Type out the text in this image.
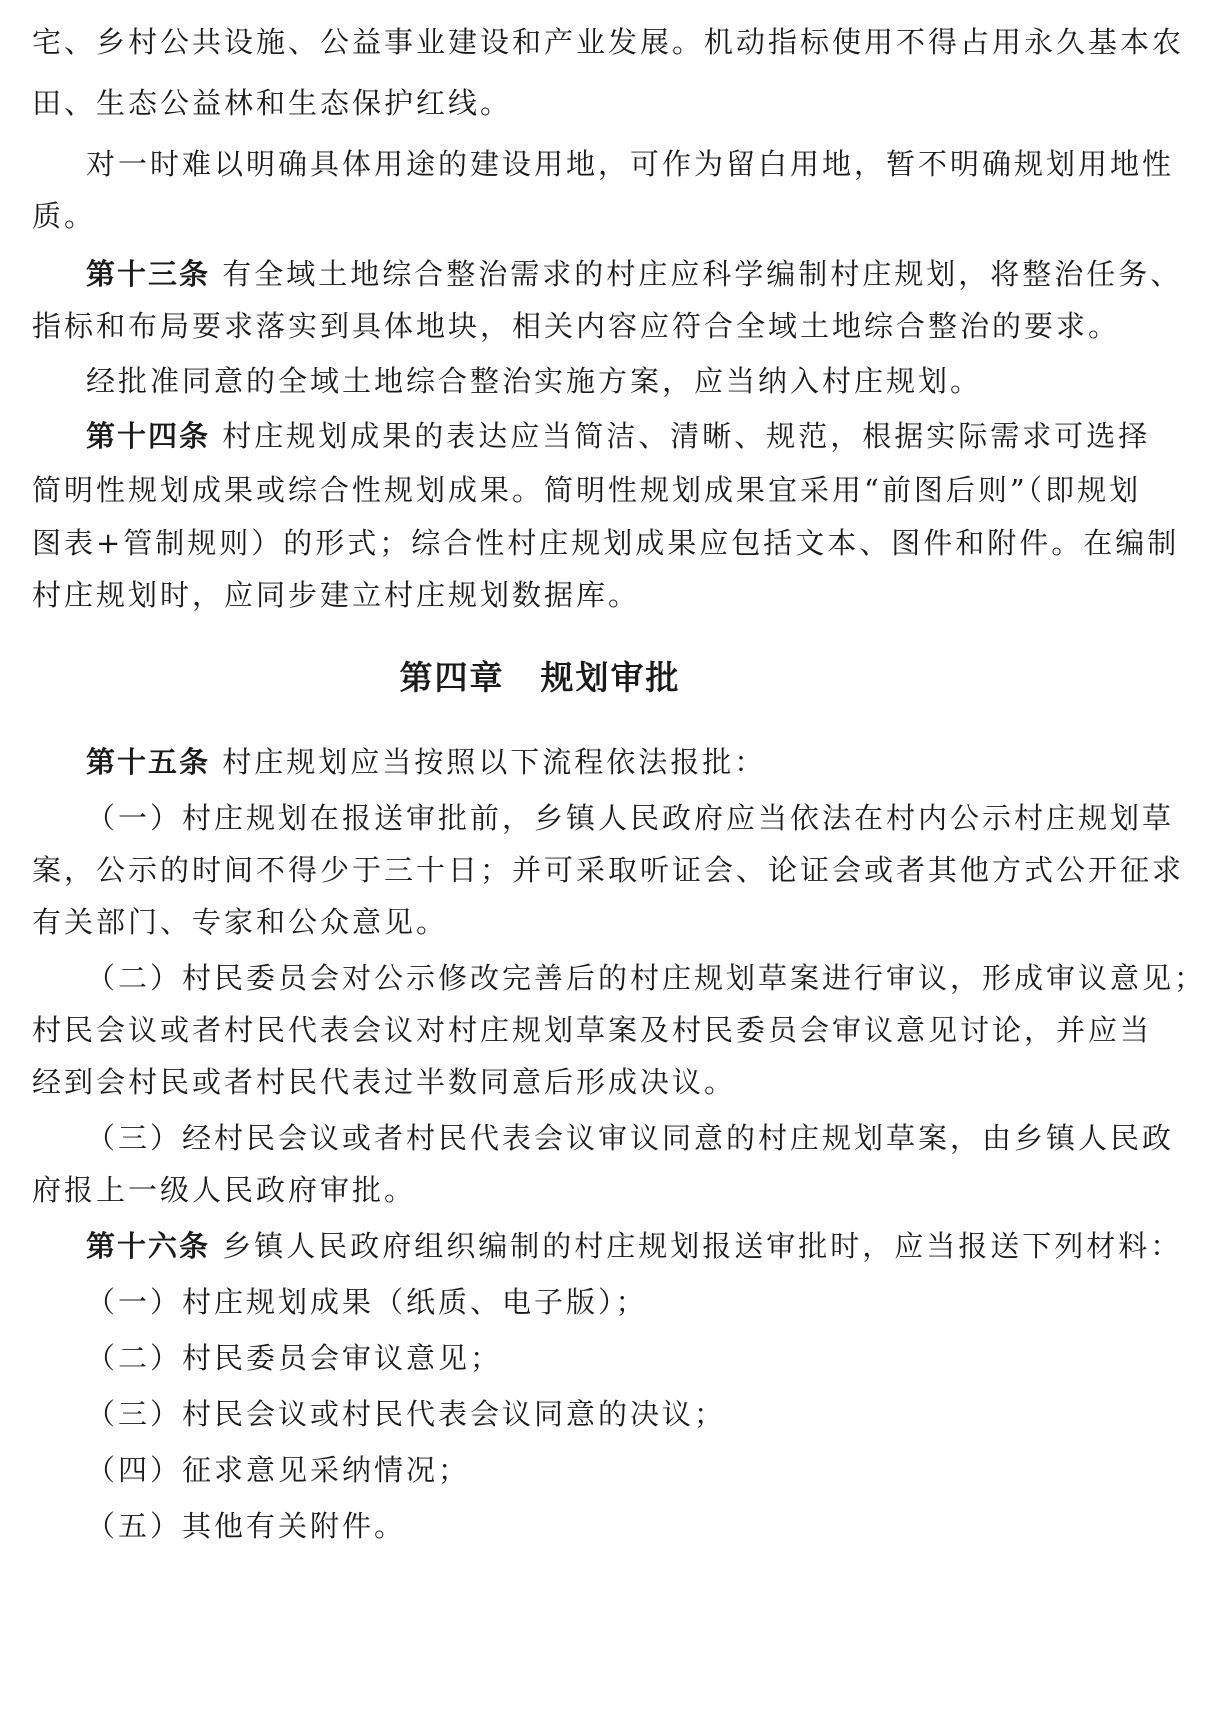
宅、乡村公共设施、公益事业建设和产业发展。机动指标使用不得占用永久基本农
田、生态公益林和生态保护红线。
对一时难以明确具体用途的建设用地，可作为留白用地，暂不明确规划用地性
质。
第十三条 有全域土地综合整治需求的村庄应科学编制村庄规划，将整治任务、
指标和布局要求落实到具体地块，相关内容应符合全域土地综合整治的要求。
经批准同意的全域土地综合整治实施方案，应当纳入村庄规划。
第十四条 村庄规划成果的表达应当简洁、清晰、规范，根据实际需求可选择
简明性规划成果或综合性规划成果。简明性规划成果宜采用“前图后则”（即规划
图表+管制规则）的形式；综合性村庄规划成果应包括文本、图件和附件。在编制
村庄规划时，应同步建立村庄规划数据库。
第四章 规划审批
第十五条 村庄规划应当按照以下流程依法报批：
（一）村庄规划在报送审批前，乡镇人民政府应当依法在村内公示村庄规划草
案，公示的时间不得少于三十日；并可采取听证会、论证会或者其他方式公开征求
有关部门、专家和公众意见。
（二）村民委员会对公示修改完善后的村庄规划草案进行审议，形成审议意见；
村民会议或者村民代表会议对村庄规划草案及村民委员会审议意见讨论，并应当
经到会村民或者村民代表过半数同意后形成决议。
（三）经村民会议或者村民代表会议审议同意的村庄规划草案，由乡镇人民政
府报上一级人民政府审批。
第十六条 乡镇人民政府组织编制的村庄规划报送审批时，应当报送下列材料：
（一）村庄规划成果（纸质、电子版）；
（二）村民委员会审议意见；
（三）村民会议或村民代表会议同意的决议；
（四）征求意见采纳情况；
（五）其他有关附件。
